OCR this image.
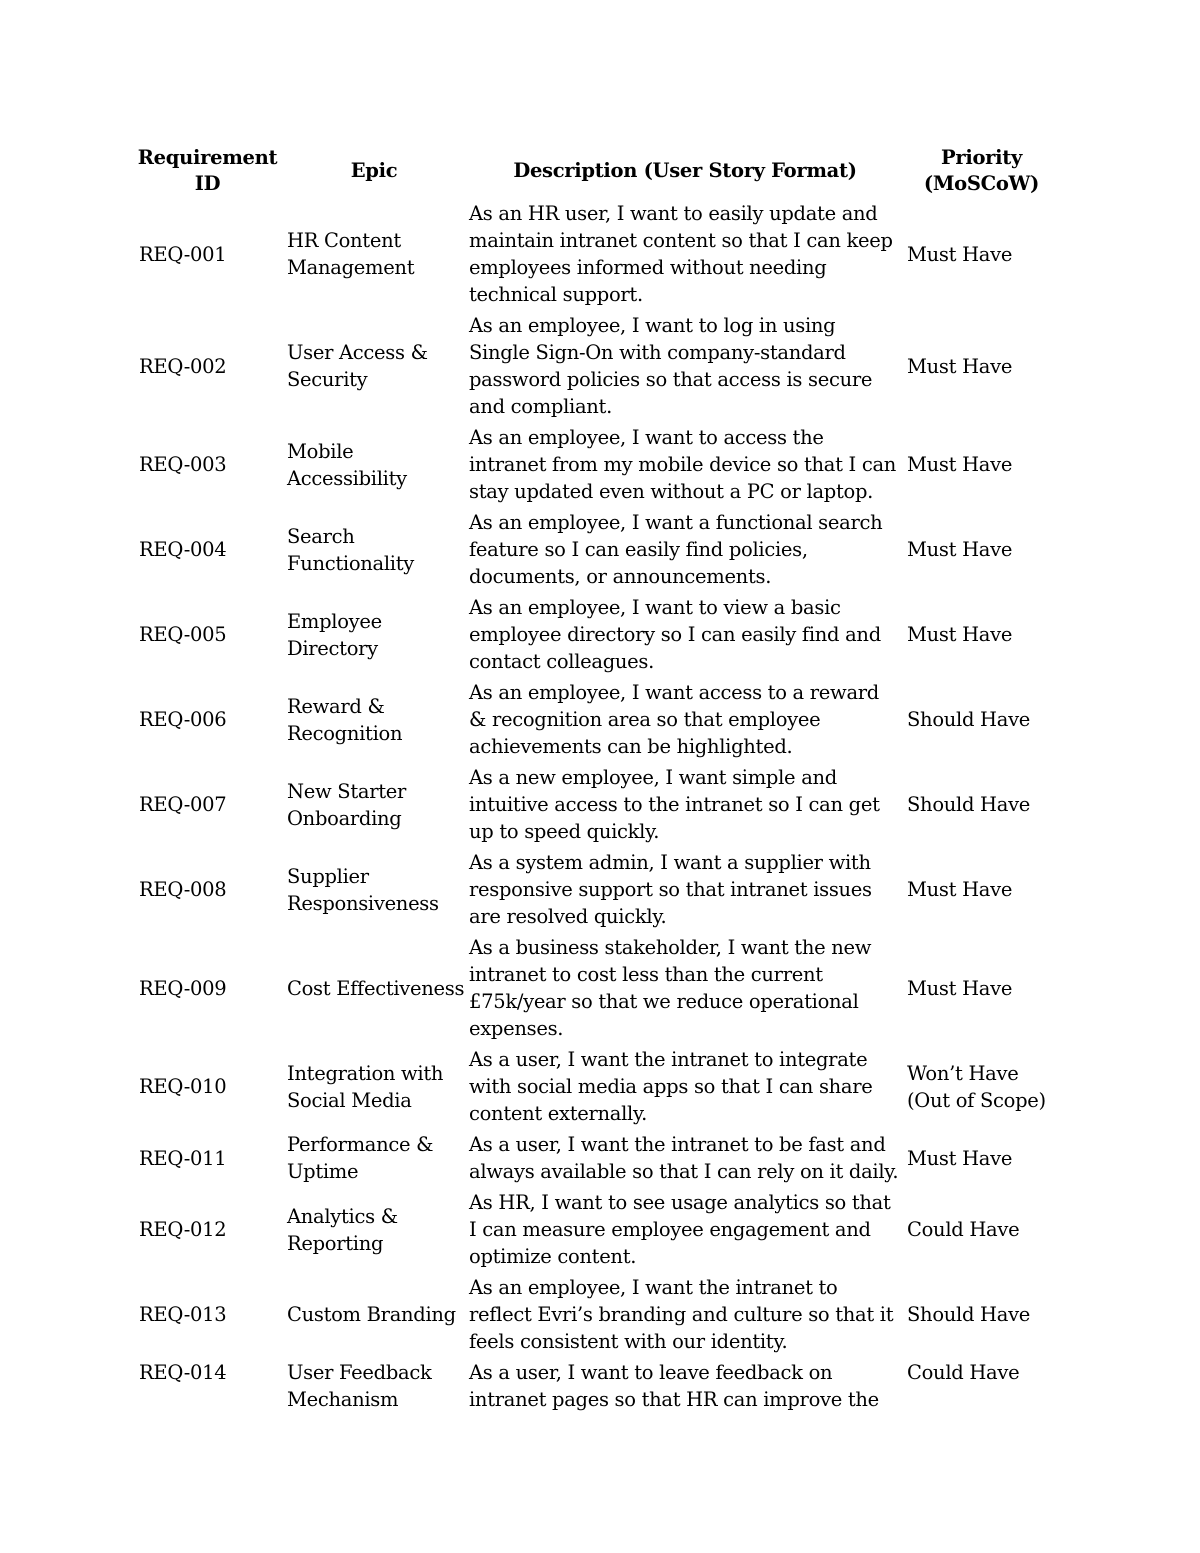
Requirement ID	Epic	Description (User Story Format)	Priority (MoSCoW)
REQ-001	HR Content Management	As an HR user, I want to easily update and maintain intranet content so that I can keep employees informed without needing technical support.	Must Have
REQ-002	User Access & Security	As an employee, I want to log in using Single Sign-On with company-standard password policies so that access is secure and compliant.	Must Have
REQ-003	Mobile Accessibility	As an employee, I want to access the intranet from my mobile device so that I can stay updated even without a PC or laptop.	Must Have
REQ-004	Search Functionality	As an employee, I want a functional search feature so I can easily find policies, documents, or announcements.	Must Have
REQ-005	Employee Directory	As an employee, I want to view a basic employee directory so I can easily find and contact colleagues.	Must Have
REQ-006	Reward & Recognition	As an employee, I want access to a reward & recognition area so that employee achievements can be highlighted.	Should Have
REQ-007	New Starter Onboarding	As a new employee, I want simple and intuitive access to the intranet so I can get up to speed quickly.	Should Have
REQ-008	Supplier Responsiveness	As a system admin, I want a supplier with responsive support so that intranet issues are resolved quickly.	Must Have
REQ-009	Cost Effectiveness	As a business stakeholder, I want the new intranet to cost less than the current £75k/year so that we reduce operational expenses.	Must Have
REQ-010	Integration with Social Media	As a user, I want the intranet to integrate with social media apps so that I can share content externally.	Won’t Have
(Out of Scope)
REQ-011	Performance & Uptime	As a user, I want the intranet to be fast and always available so that I can rely on it daily.	Must Have
REQ-012	Analytics & Reporting	As HR, I want to see usage analytics so that I can measure employee engagement and optimize content.	Could Have
REQ-013	Custom Branding	As an employee, I want the intranet to reflect Evri’s branding and culture so that it feels consistent with our identity.	Should Have
REQ-014	User Feedback Mechanism	As a user, I want to leave feedback on intranet pages so that HR can improve the	Could Have
